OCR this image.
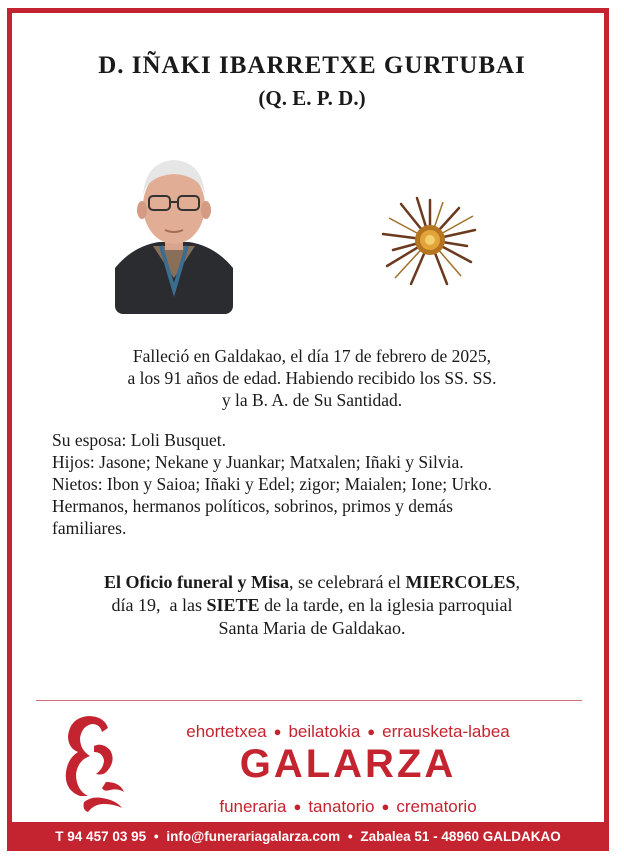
D. IÑAKI IBARRETXE GURTUBAI
(Q. E. P. D.)
Falleció en Galdakao, el día 17 de febrero de 2025,
a los 91 años de edad. Habiendo recibido los SS. SS.
y la B. A. de Su Santidad.
Su esposa: Loli Busquet.
Hijos: Jasone; Nekane y Juankar; Matxalen; Iñaki y Silvia.
Nietos: Ibon y Saioa; Iñaki y Edel; zigor; Maialen; Ione; Urko.
Hermanos, hermanos políticos, sobrinos, primos y demás
familiares.
El Oficio funeral y Misa, se celebrará el MIERCOLES,
día 19,  a las SIETE de la tarde, en la iglesia parroquial
Santa Maria de Galdakao.
ehortetxea ● beilatokia ● errausketa-labea
GALARZA
funeraria ● tanatorio ● crematorio
T 94 457 03 95 • info@funerariagalarza.com • Zabalea 51 - 48960 GALDAKAO
